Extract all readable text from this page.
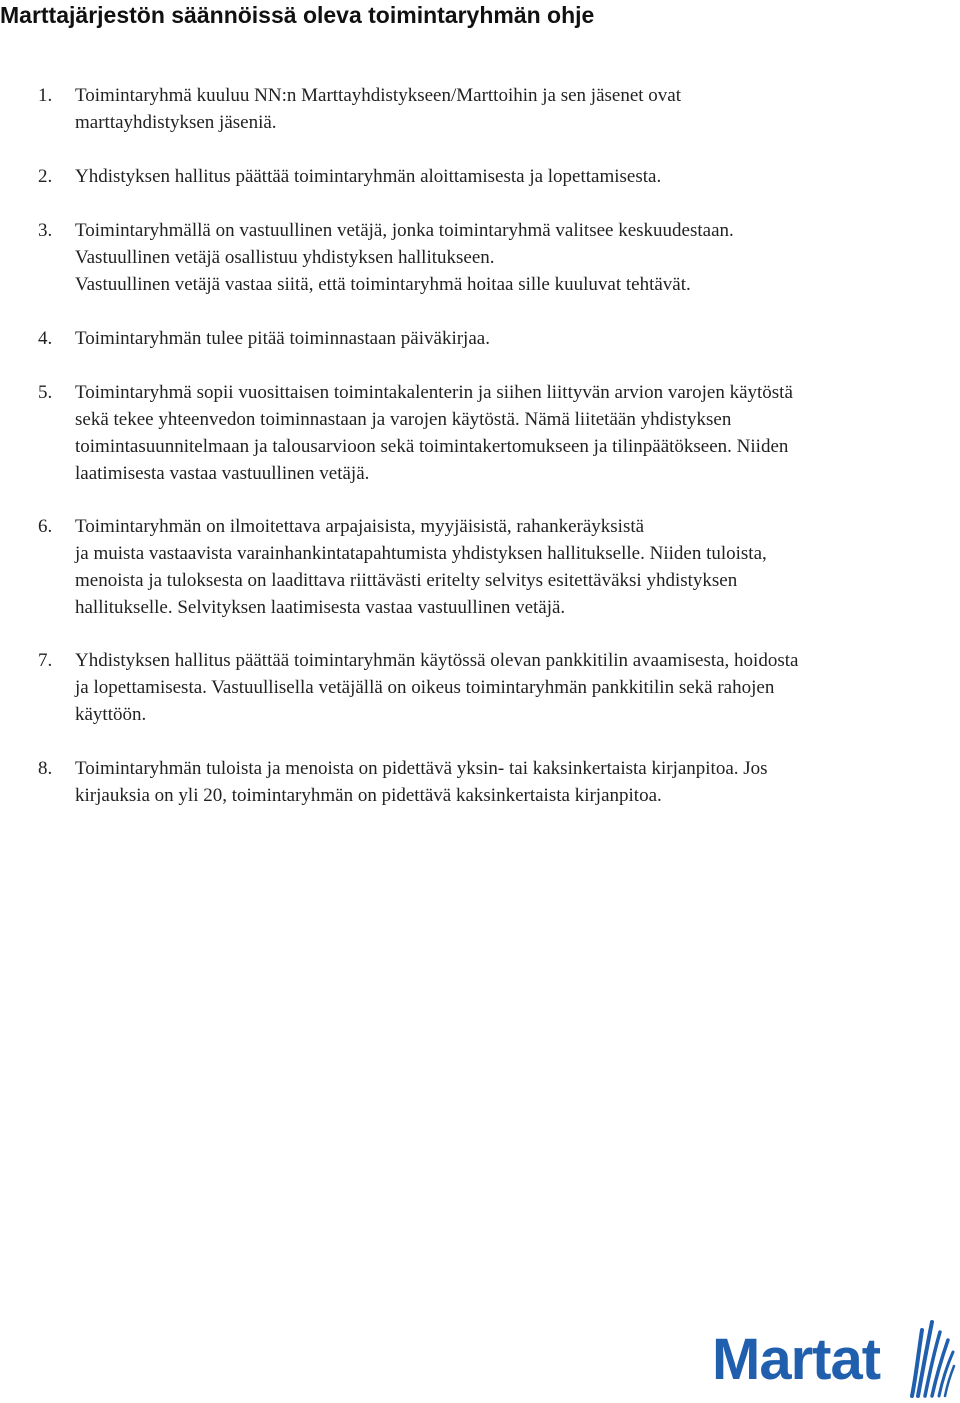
Marttajärjestön säännöissä oleva toimintaryhmän ohje
1. Toimintaryhmä kuuluu NN:n Marttayhdistykseen/Marttoihin ja sen jäsenet ovat
marttayhdistyksen jäseniä.
2. Yhdistyksen hallitus päättää toimintaryhmän aloittamisesta ja lopettamisesta.
3. Toimintaryhmällä on vastuullinen vetäjä, jonka toimintaryhmä valitsee keskuudestaan.
Vastuullinen vetäjä osallistuu yhdistyksen hallitukseen.
Vastuullinen vetäjä vastaa siitä, että toimintaryhmä hoitaa sille kuuluvat tehtävät.
4. Toimintaryhmän tulee pitää toiminnastaan päiväkirjaa.
5. Toimintaryhmä sopii vuosittaisen toimintakalenterin ja siihen liittyvän arvion varojen käytöstä
sekä tekee yhteenvedon toiminnastaan ja varojen käytöstä. Nämä liitetään yhdistyksen
toimintasuunnitelmaan ja talousarvioon sekä toimintakertomukseen ja tilinpäätökseen. Niiden
laatimisesta vastaa vastuullinen vetäjä.
6. Toimintaryhmän on ilmoitettava arpajaisista, myyjäisistä, rahankeräyksistä
ja muista vastaavista varainhankintatapahtumista yhdistyksen hallitukselle. Niiden tuloista,
menoista ja tuloksesta on laadittava riittävästi eritelty selvitys esitettäväksi yhdistyksen
hallitukselle. Selvityksen laatimisesta vastaa vastuullinen vetäjä.
7. Yhdistyksen hallitus päättää toimintaryhmän käytössä olevan pankkitilin avaamisesta, hoidosta
ja lopettamisesta. Vastuullisella vetäjällä on oikeus toimintaryhmän pankkitilin sekä rahojen
käyttöön.
8. Toimintaryhmän tuloista ja menoista on pidettävä yksin- tai kaksinkertaista kirjanpitoa. Jos
kirjauksia on yli 20, toimintaryhmän on pidettävä kaksinkertaista kirjanpitoa.
Martat
